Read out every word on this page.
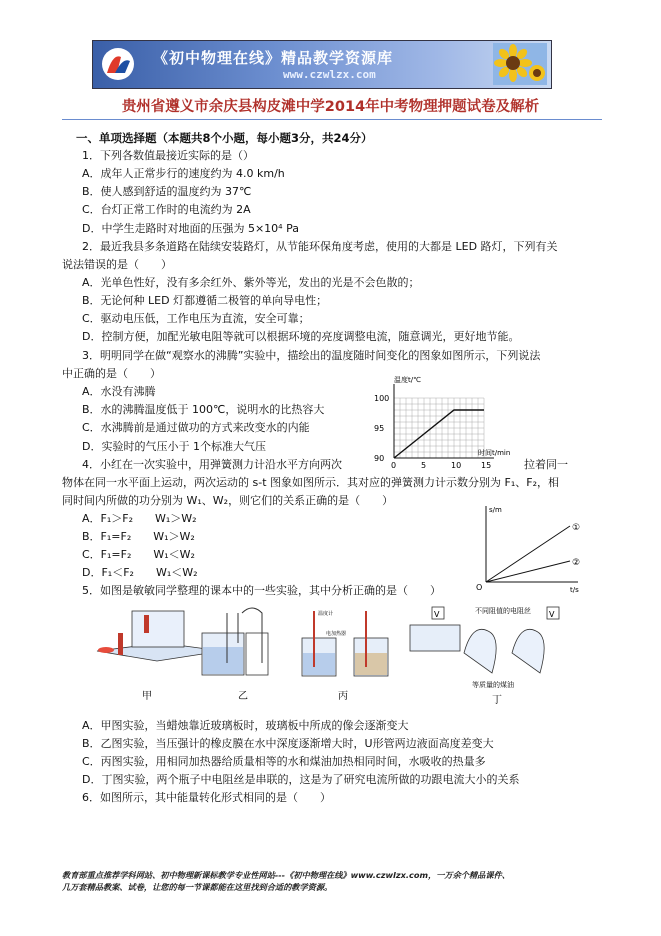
《初中物理在线》精品教学资源库
www.czwlzx.com
贵州省遵义市余庆县构皮滩中学2014年中考物理押题试卷及解析
一、单项选择题（本题共8个小题，每小题3分，共24分）
1．下列各数值最接近实际的是（）
A．成年人正常步行的速度约为 4.0 km/h
B．使人感到舒适的温度约为 37℃
C．台灯正常工作时的电流约为 2A
D．中学生走路时对地面的压强为 5×10⁴ Pa
2．最近我县多条道路在陆续安装路灯，从节能环保角度考虑，使用的大都是 LED 路灯，下列有关
说法错误的是（　　）
A．光单色性好，没有多余红外、紫外等光，发出的光是不会色散的；
B．无论何种 LED 灯都遵循二极管的单向导电性；
C．驱动电压低，工作电压为直流，安全可靠；
D．控制方便，加配光敏电阻等就可以根据环境的亮度调整电流，随意调光，更好地节能。
3．明明同学在做“观察水的沸腾”实验中，描绘出的温度随时间变化的图象如图所示，下列说法
中正确的是（　　）
A．水没有沸腾
B．水的沸腾温度低于 100℃，说明水的比热容大
C．水沸腾前是通过做功的方式来改变水的内能
D．实验时的气压小于 1个标准大气压
0	5	10 15
90
95
100
温度t/℃
时间t/min
4．小红在一次实验中，用弹簧测力计沿水平方向两次	拉着同一
物体在同一水平面上运动，两次运动的 s-t 图象如图所示．其对应的弹簧测力计示数分别为 F₁、F₂，相
同时间内所做的功分别为 W₁、W₂，则它们的关系正确的是（　　）
A．F₁＞F₂　　W₁＞W₂
B．F₁=F₂　　W₁＞W₂
C．F₁=F₂　　W₁＜W₂
D．F₁＜F₂　　W₁＜W₂
①
②
s/m
t/s
O
5．如图是敏敏同学整理的课本中的一些实验，其中分析正确的是（　　）
甲	乙
温度计
电加热器
丙
V	V
不同阻值的电阻丝
等质量的煤油
丁
A．甲图实验，当蜡烛靠近玻璃板时，玻璃板中所成的像会逐渐变大
B．乙图实验，当压强计的橡皮膜在水中深度逐渐增大时，U形管两边液面高度差变大
C．丙图实验，用相同加热器给质量相等的水和煤油加热相同时间，水吸收的热量多
D．丁图实验，两个瓶子中电阻丝是串联的，这是为了研究电流所做的功跟电流大小的关系
6．如图所示，其中能量转化形式相同的是（　　）
教育部重点推荐学科网站、初中物理新课标教学专业性网站---《初中物理在线》www.czwlzx.com，一万余个精品课件、
几万套精品教案、试卷，让您的每一节课都能在这里找到合适的教学资源。
